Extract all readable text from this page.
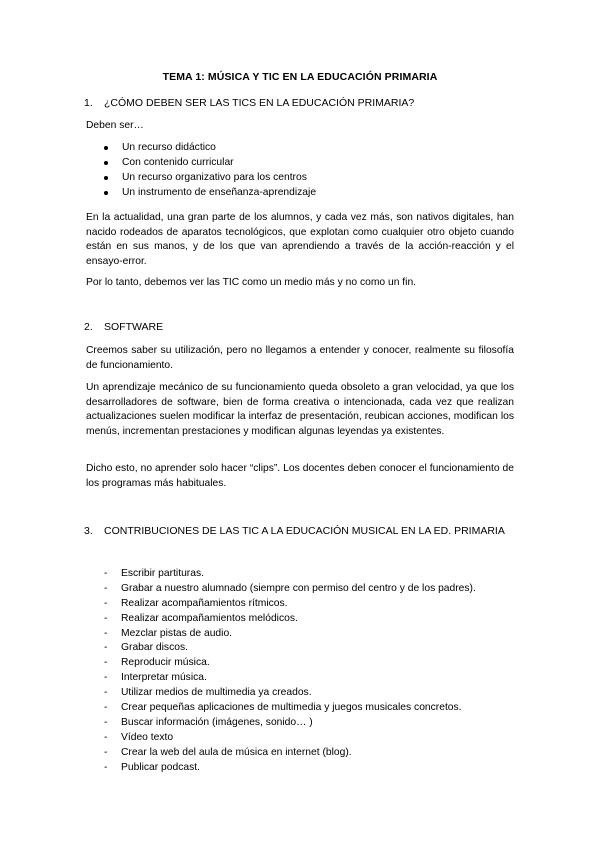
TEMA 1: MÚSICA Y TIC EN LA EDUCACIÓN PRIMARIA
1. ¿CÓMO DEBEN SER LAS TICS EN LA EDUCACIÓN PRIMARIA?
Deben ser…
Un recurso didáctico
Con contenido curricular
Un recurso organizativo para los centros
Un instrumento de enseñanza-aprendizaje
En la actualidad, una gran parte de los alumnos, y cada vez más, son nativos digitales, han nacido rodeados de aparatos tecnológicos, que explotan como cualquier otro objeto cuando están en sus manos, y de los que van aprendiendo a través de la acción-reacción y el ensayo-error.
Por lo tanto, debemos ver las TIC como un medio más y no como un fin.
2. SOFTWARE
Creemos saber su utilización, pero no llegamos a entender y conocer, realmente su filosofía de funcionamiento.
Un aprendizaje mecánico de su funcionamiento queda obsoleto a gran velocidad, ya que los desarrolladores de software, bien de forma creativa o intencionada, cada vez que realizan actualizaciones suelen modificar la interfaz de presentación, reubican acciones, modifican los menús, incrementan prestaciones y modifican algunas leyendas ya existentes.
Dicho esto, no aprender solo hacer “clips”. Los docentes deben conocer el funcionamiento de los programas más habituales.
3. CONTRIBUCIONES DE LAS TIC A LA EDUCACIÓN MUSICAL EN LA ED. PRIMARIA
- Escribir partituras.
- Grabar a nuestro alumnado (siempre con permiso del centro y de los padres).
- Realizar acompañamientos rítmicos.
- Realizar acompañamientos melódicos.
- Mezclar pistas de audio.
- Grabar discos.
- Reproducir música.
- Interpretar música.
- Utilizar medios de multimedia ya creados.
- Crear pequeñas aplicaciones de multimedia y juegos musicales concretos.
- Buscar información (imágenes, sonido… )
- Vídeo texto
- Crear la web del aula de música en internet (blog).
- Publicar podcast.
